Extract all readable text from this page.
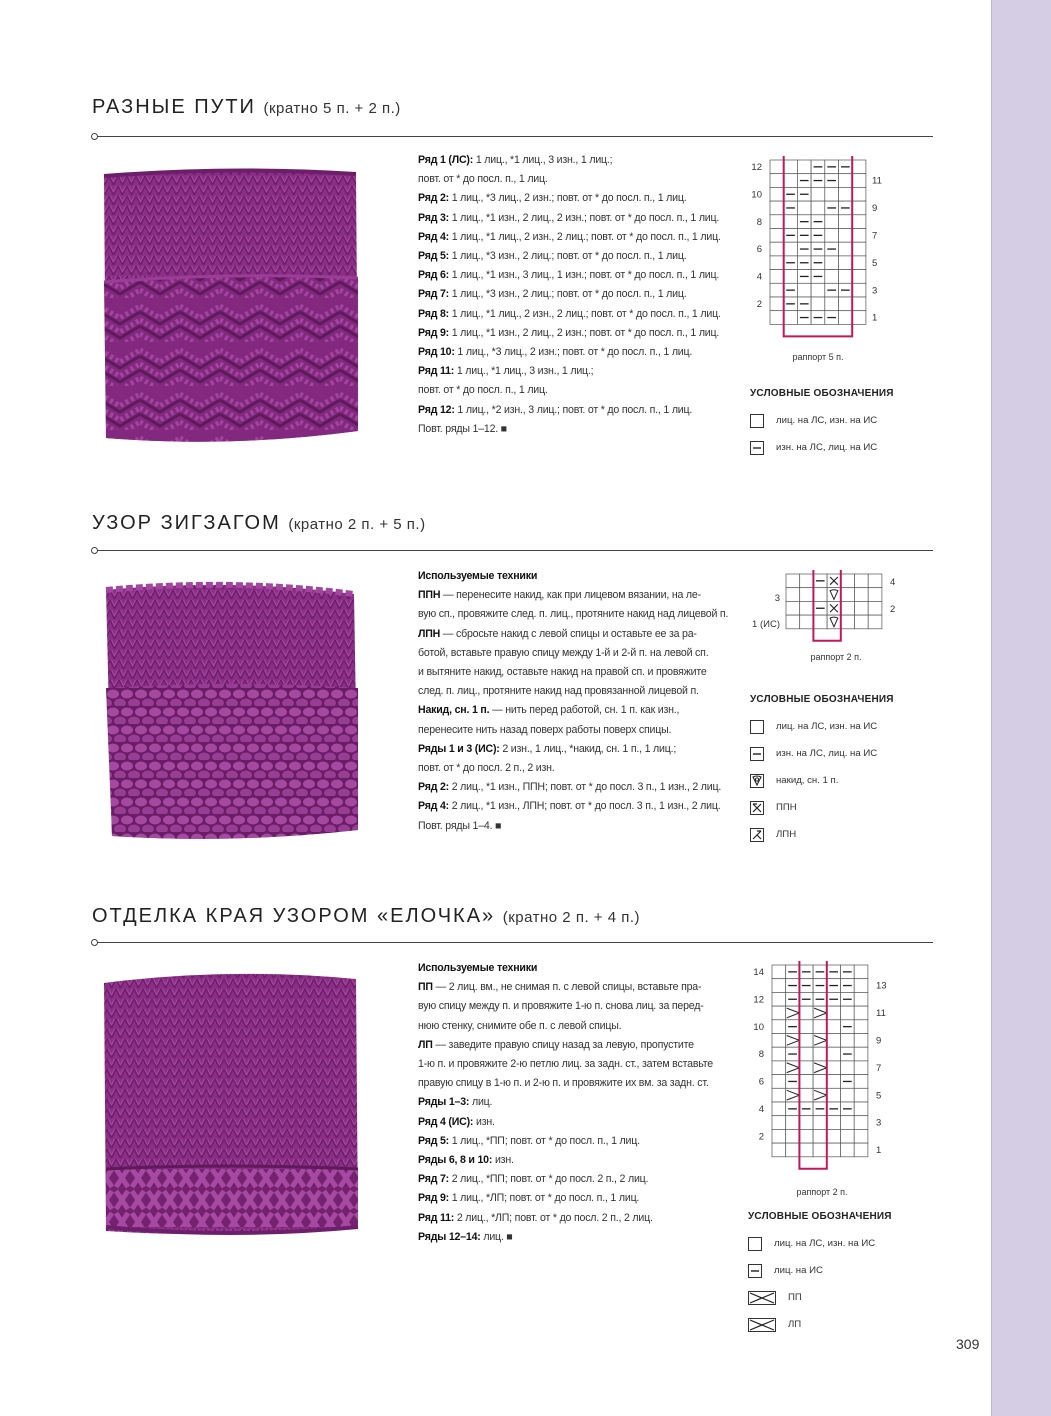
309
РАЗНЫЕ ПУТИ (кратно 5 п. + 2 п.)
Ряд 1 (ЛС): 1 лиц., *1 лиц., 3 изн., 1 лиц.;
повт. от * до посл. п., 1 лиц.
Ряд 2: 1 лиц., *3 лиц., 2 изн.; повт. от * до посл. п., 1 лиц.
Ряд 3: 1 лиц., *1 изн., 2 лиц., 2 изн.; повт. от * до посл. п., 1 лиц.
Ряд 4: 1 лиц., *1 лиц., 2 изн., 2 лиц.; повт. от * до посл. п., 1 лиц.
Ряд 5: 1 лиц., *3 изн., 2 лиц.; повт. от * до посл. п., 1 лиц.
Ряд 6: 1 лиц., *1 изн., 3 лиц., 1 изн.; повт. от * до посл. п., 1 лиц.
Ряд 7: 1 лиц., *3 изн., 2 лиц.; повт. от * до посл. п., 1 лиц.
Ряд 8: 1 лиц., *1 лиц., 2 изн., 2 лиц.; повт. от * до посл. п., 1 лиц.
Ряд 9: 1 лиц., *1 изн., 2 лиц., 2 изн.; повт. от * до посл. п., 1 лиц.
Ряд 10: 1 лиц., *3 лиц., 2 изн.; повт. от * до посл. п., 1 лиц.
Ряд 11: 1 лиц., *1 лиц., 3 изн., 1 лиц.;
повт. от * до посл. п., 1 лиц.
Ряд 12: 1 лиц., *2 изн., 3 лиц.; повт. от * до посл. п., 1 лиц.
Повт. ряды 1–12. ■
12
10
8
6
4
2
11
9
7
5
3
1
раппорт 5 п.
УСЛОВНЫЕ ОБОЗНАЧЕНИЯ
лиц. на ЛС, изн. на ИС
изн. на ЛС, лиц. на ИС
УЗОР ЗИГЗАГОМ (кратно 2 п. + 5 п.)
Используемые техники
ППН — перенесите накид, как при лицевом вязании, на ле-
вую сп., провяжите след. п. лиц., протяните накид над лицевой п.
ЛПН — сбросьте накид с левой спицы и оставьте ее за ра-
ботой, вставьте правую спицу между 1-й и 2-й п. на левой сп.
и вытяните накид, оставьте накид на правой сп. и провяжите
след. п. лиц., протяните накид над провязанной лицевой п.
Накид, сн. 1 п. — нить перед работой, сн. 1 п. как изн.,
перенесите нить назад поверх работы поверх спицы.
Ряды 1 и 3 (ИС): 2 изн., 1 лиц., *накид, сн. 1 п., 1 лиц.;
повт. от * до посл. 2 п., 2 изн.
Ряд 2: 2 лиц., *1 изн., ППН; повт. от * до посл. 3 п., 1 изн., 2 лиц.
Ряд 4: 2 лиц., *1 изн., ЛПН; повт. от * до посл. 3 п., 1 изн., 2 лиц.
Повт. ряды 1–4. ■
3
1 (ИС)
4
2
раппорт 2 п.
УСЛОВНЫЕ ОБОЗНАЧЕНИЯ
лиц. на ЛС, изн. на ИС
изн. на ЛС, лиц. на ИС
накид, сн. 1 п.
ППН
ЛПН
ОТДЕЛКА КРАЯ УЗОРОМ «ЕЛОЧКА» (кратно 2 п. + 4 п.)
Используемые техники
ПП — 2 лиц. вм., не снимая п. с левой спицы, вставьте пра-
вую спицу между п. и провяжите 1-ю п. снова лиц. за перед-
нюю стенку, снимите обе п. с левой спицы.
ЛП — заведите правую спицу назад за левую, пропустите
1-ю п. и провяжите 2-ю петлю лиц. за задн. ст., затем вставьте
правую спицу в 1-ю п. и 2-ю п. и провяжите их вм. за задн. ст.
Ряды 1–3: лиц.
Ряд 4 (ИС): изн.
Ряд 5: 1 лиц., *ПП; повт. от * до посл. п., 1 лиц.
Ряды 6, 8 и 10: изн.
Ряд 7: 2 лиц., *ПП; повт. от * до посл. 2 п., 2 лиц.
Ряд 9: 1 лиц., *ЛП; повт. от * до посл. п., 1 лиц.
Ряд 11: 2 лиц., *ЛП; повт. от * до посл. 2 п., 2 лиц.
Ряды 12–14: лиц. ■
14
12
10
8
6
4
2
13
11
9
7
5
3
1
раппорт 2 п.
УСЛОВНЫЕ ОБОЗНАЧЕНИЯ
лиц. на ЛС, изн. на ИС
лиц. на ИС
ПП
ЛП
